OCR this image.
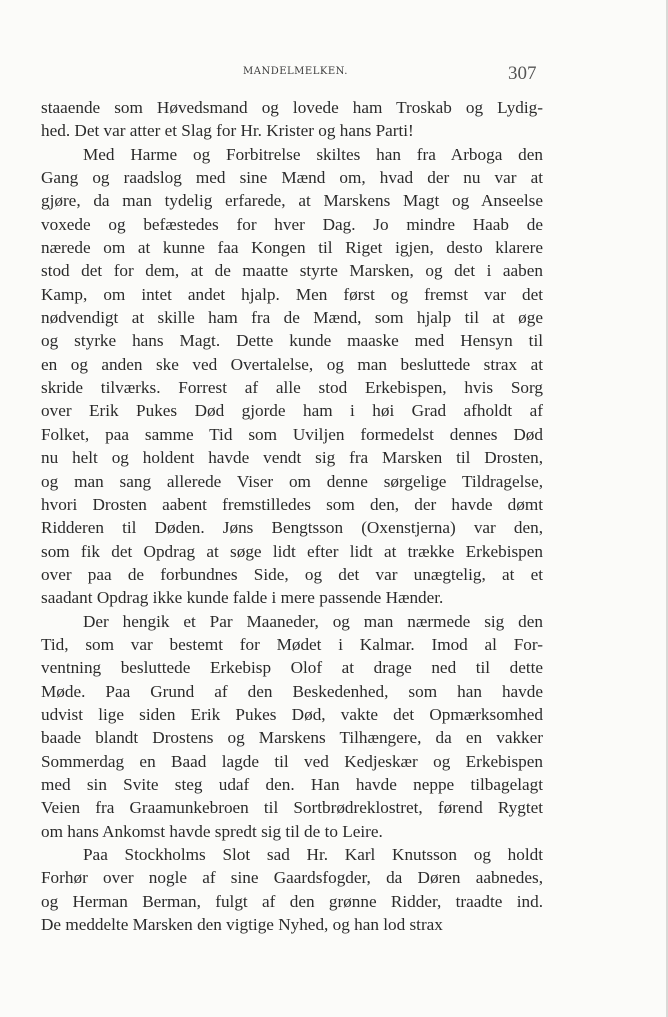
MANDELMELKEN.	307
staaende som Høvedsmand og lovede ham Troskab og Lydig-
hed. Det var atter et Slag for Hr. Krister og hans Parti!
Med Harme og Forbitrelse skiltes han fra Arboga den
Gang og raadslog med sine Mænd om, hvad der nu var at
gjøre, da man tydelig erfarede, at Marskens Magt og Anseelse
voxede og befæstedes for hver Dag. Jo mindre Haab de
nærede om at kunne faa Kongen til Riget igjen, desto klarere
stod det for dem, at de maatte styrte Marsken, og det i aaben
Kamp, om intet andet hjalp. Men først og fremst var det
nødvendigt at skille ham fra de Mænd, som hjalp til at øge
og styrke hans Magt. Dette kunde maaske med Hensyn til
en og anden ske ved Overtalelse, og man besluttede strax at
skride tilværks. Forrest af alle stod Erkebispen, hvis Sorg
over Erik Pukes Død gjorde ham i høi Grad afholdt af
Folket, paa samme Tid som Uviljen formedelst dennes Død
nu helt og holdent havde vendt sig fra Marsken til Drosten,
og man sang allerede Viser om denne sørgelige Tildragelse,
hvori Drosten aabent fremstilledes som den, der havde dømt
Ridderen til Døden. Jøns Bengtsson (Oxenstjerna) var den,
som fik det Opdrag at søge lidt efter lidt at trække Erkebispen
over paa de forbundnes Side, og det var unægtelig, at et
saadant Opdrag ikke kunde falde i mere passende Hænder.
Der hengik et Par Maaneder, og man nærmede sig den
Tid, som var bestemt for Mødet i Kalmar. Imod al For-
ventning besluttede Erkebisp Olof at drage ned til dette
Møde. Paa Grund af den Beskedenhed, som han havde
udvist lige siden Erik Pukes Død, vakte det Opmærksomhed
baade blandt Drostens og Marskens Tilhængere, da en vakker
Sommerdag en Baad lagde til ved Kedjeskær og Erkebispen
med sin Svite steg udaf den. Han havde neppe tilbagelagt
Veien fra Graamunkebroen til Sortbrødreklostret, førend Rygtet
om hans Ankomst havde spredt sig til de to Leire.
Paa Stockholms Slot sad Hr. Karl Knutsson og holdt
Forhør over nogle af sine Gaardsfogder, da Døren aabnedes,
og Herman Berman, fulgt af den grønne Ridder, traadte ind.
De meddelte Marsken den vigtige Nyhed, og han lod strax
